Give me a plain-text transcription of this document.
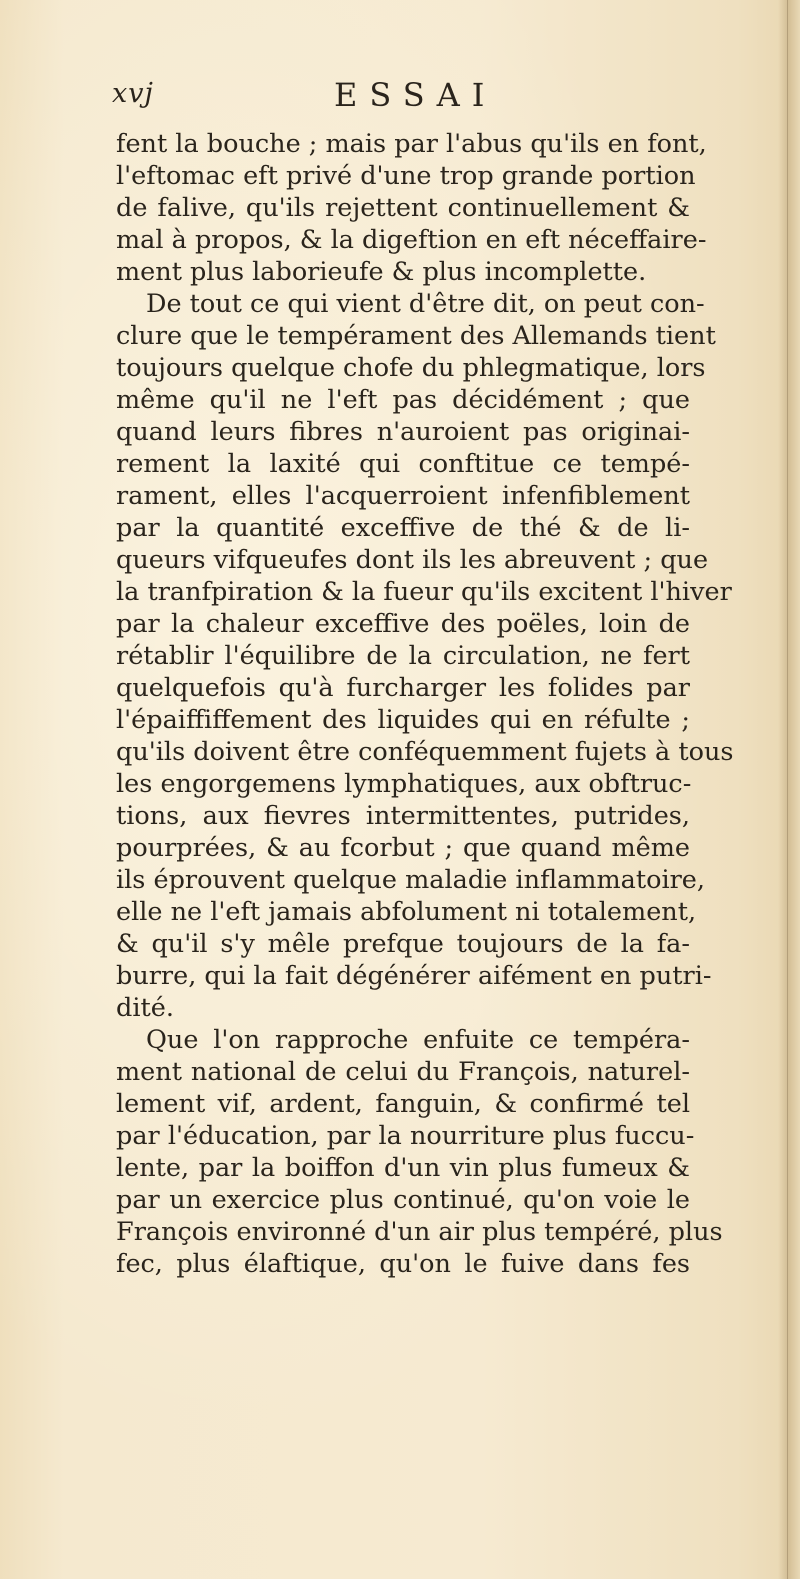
xvj	ESSAI
fent la bouche ; mais par l'abus qu'ils en font,
l'eftomac eft privé d'une trop grande portion
de falive, qu'ils rejettent continuellement &
mal à propos, & la digeftion en eft néceffaire-
ment plus laborieufe & plus incomplette.
De tout ce qui vient d'être dit, on peut con-
clure que le tempérament des Allemands tient
toujours quelque chofe du phlegmatique, lors
même qu'il ne l'eft pas décidément ; que
quand leurs fibres n'auroient pas originai-
rement la laxité qui conftitue ce tempé-
rament, elles l'acquerroient infenfiblement
par la quantité exceffive de thé & de li-
queurs vifqueufes dont ils les abreuvent ; que
la tranfpiration & la fueur qu'ils excitent l'hiver
par la chaleur exceffive des poëles, loin de
rétablir l'équilibre de la circulation, ne fert
quelquefois qu'à furcharger les folides par
l'épaiffiffement des liquides qui en réfulte ;
qu'ils doivent être conféquemment fujets à tous
les engorgemens lymphatiques, aux obftruc-
tions, aux fievres intermittentes, putrides,
pourprées, & au fcorbut ; que quand même
ils éprouvent quelque maladie inflammatoire,
elle ne l'eft jamais abfolument ni totalement,
& qu'il s'y mêle prefque toujours de la fa-
burre, qui la fait dégénérer aifément en putri-
dité.
Que l'on rapproche enfuite ce tempéra-
ment national de celui du François, naturel-
lement vif, ardent, fanguin, & confirmé tel
par l'éducation, par la nourriture plus fuccu-
lente, par la boiffon d'un vin plus fumeux &
par un exercice plus continué, qu'on voie le
François environné d'un air plus tempéré, plus
fec, plus élaftique, qu'on le fuive dans fes
